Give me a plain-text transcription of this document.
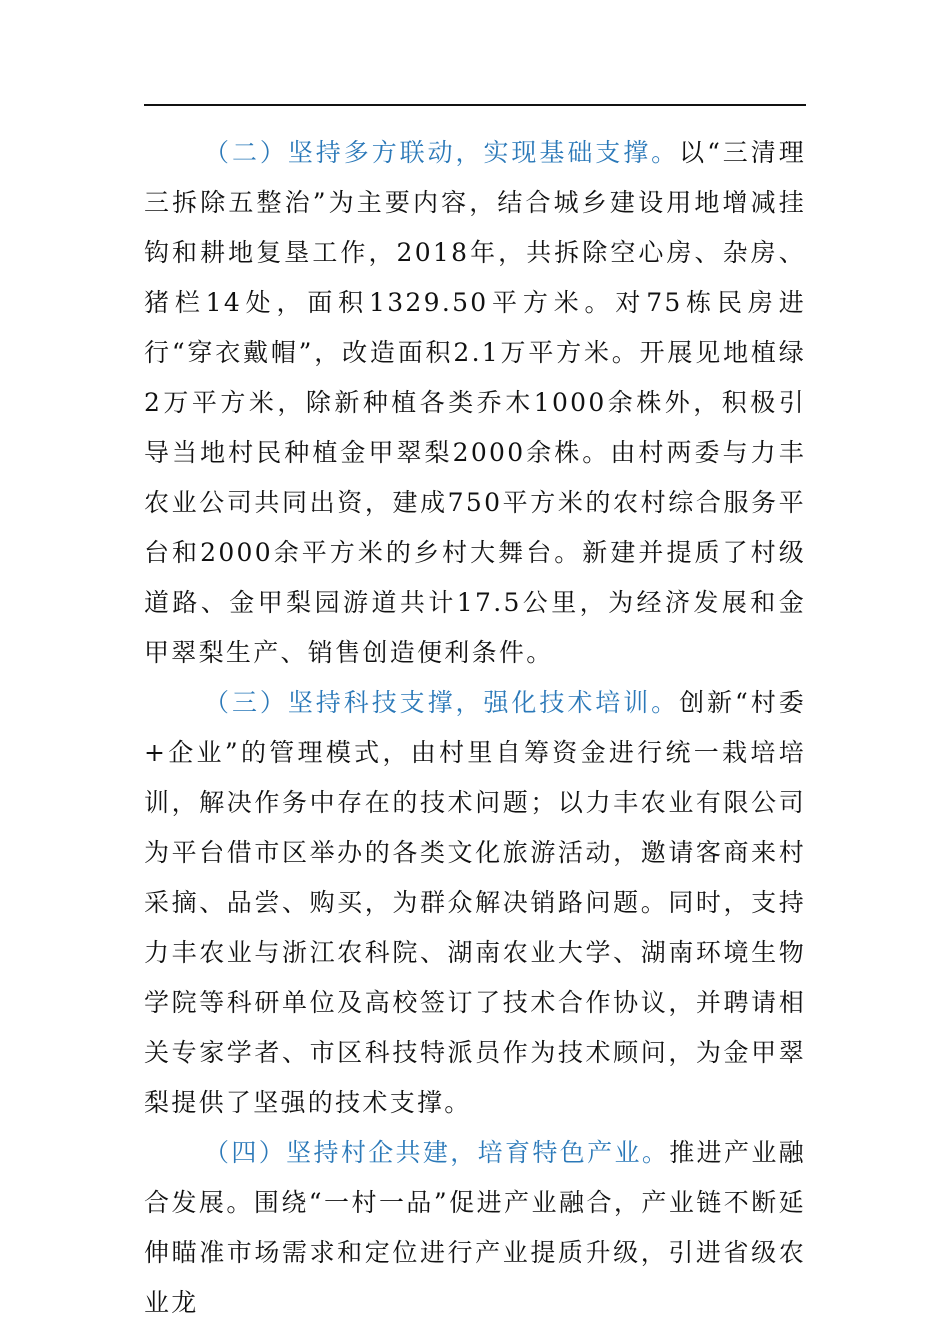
（二）坚持多方联动，实现基础支撑。以“三清理三拆除五整治”为主要内容，结合城乡建设用地增减挂钩和耕地复垦工作，2018年，共拆除空心房、杂房、猪栏14处，面积1329.50平方米。对75栋民房进行“穿衣戴帽”，改造面积2.1万平方米。开展见地植绿2万平方米，除新种植各类乔木1000余株外，积极引导当地村民种植金甲翠梨2000余株。由村两委与力丰农业公司共同出资，建成750平方米的农村综合服务平台和2000余平方米的乡村大舞台。新建并提质了村级道路、金甲梨园游道共计17.5公里，为经济发展和金甲翠梨生产、销售创造便利条件。

（三）坚持科技支撑，强化技术培训。创新“村委+企业”的管理模式，由村里自筹资金进行统一栽培培训，解决作务中存在的技术问题；以力丰农业有限公司为平台借市区举办的各类文化旅游活动，邀请客商来村采摘、品尝、购买，为群众解决销路问题。同时，支持力丰农业与浙江农科院、湖南农业大学、湖南环境生物学院等科研单位及高校签订了技术合作协议，并聘请相关专家学者、市区科技特派员作为技术顾问，为金甲翠梨提供了坚强的技术支撑。

（四）坚持村企共建，培育特色产业。推进产业融合发展。围绕“一村一品”促进产业融合，产业链不断延伸瞄准市场需求和定位进行产业提质升级，引进省级农业龙
